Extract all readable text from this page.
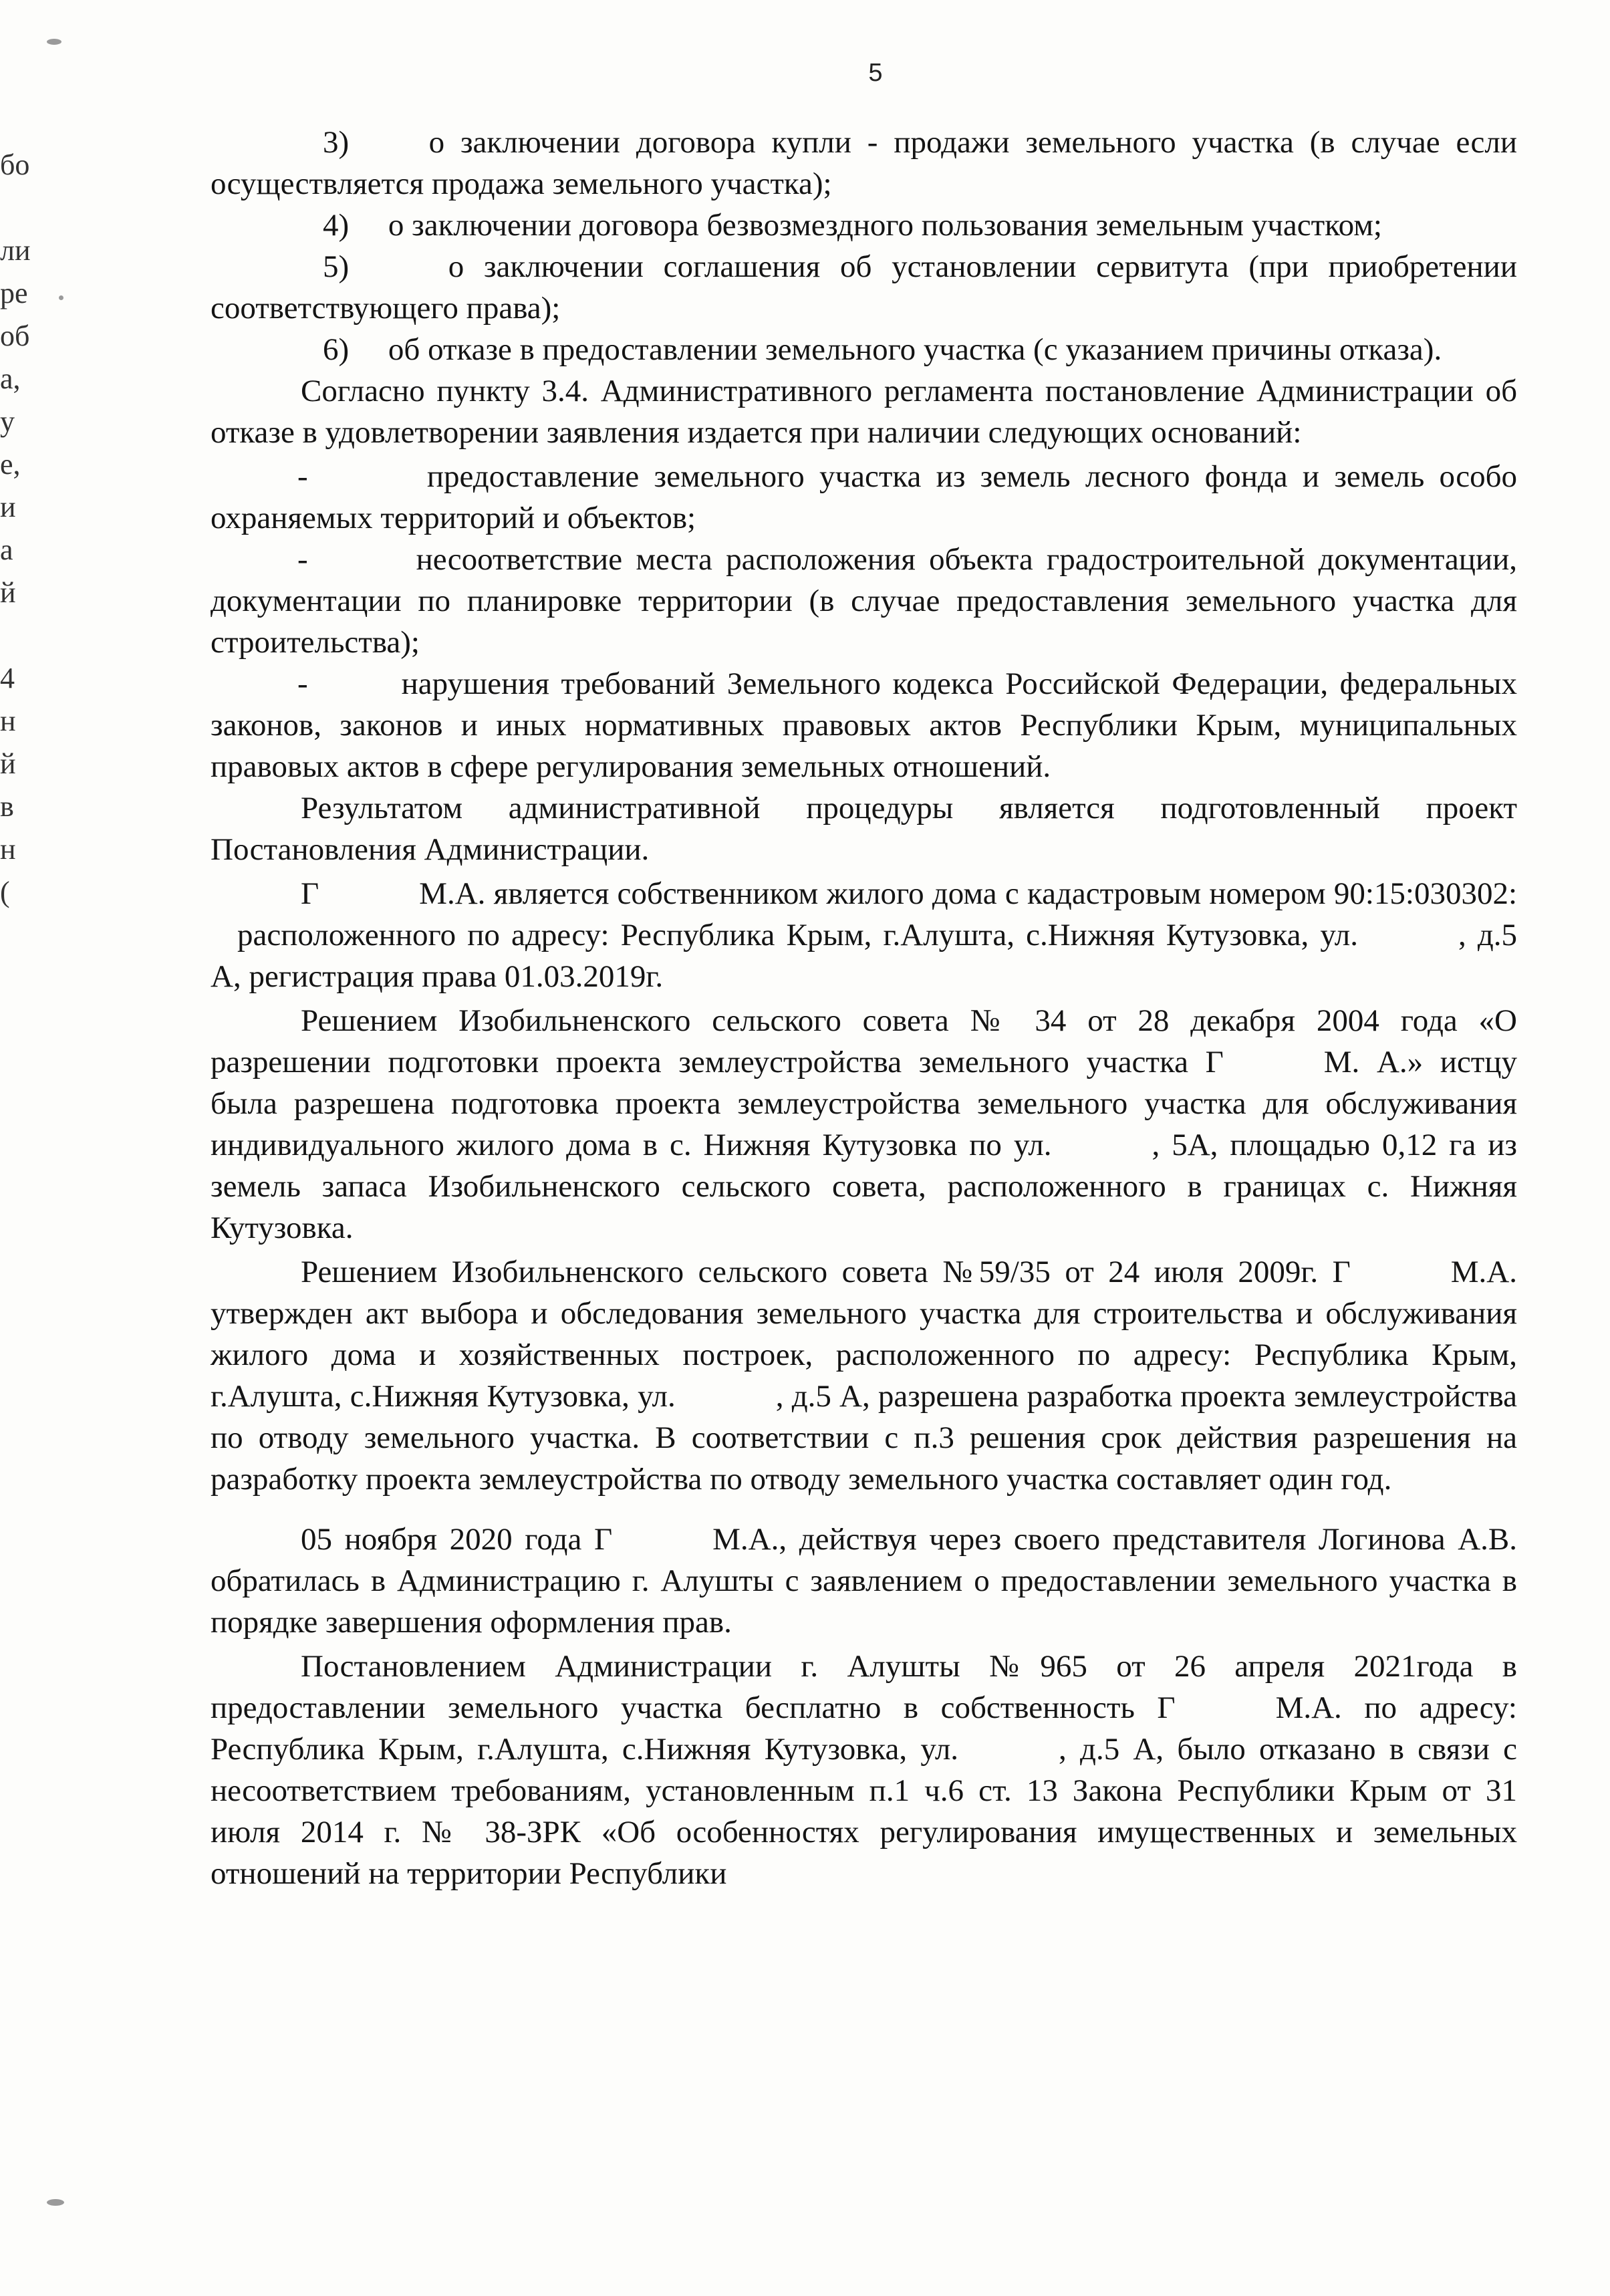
5
бо
ли
ре
об
а,
у
е,
и
а
й
4
н
й
в
н
(

3)	о заключении договора купли - продажи земельного участка (в случае если осуществляется продажа земельного участка);

4) о заключении договора безвозмездного пользования земельным участком;

5)	о заключении соглашения об установлении сервитута (при приобретении соответствующего права);

6) об отказе в предоставлении земельного участка (с указанием причины отказа).

Согласно пункту 3.4. Административного регламента постановление Администрации об отказе в удовлетворении заявления издается при наличии следующих оснований:

-	предоставление земельного участка из земель лесного фонда и земель особо охраняемых территорий и объектов;

-	несоответствие места расположения объекта градостроительной документации, документации по планировке территории (в случае предоставления земельного участка для строительства);

-	нарушения требований Земельного кодекса Российской Федерации, федеральных законов, законов и иных нормативных правовых актов Республики Крым, муниципальных правовых актов в сфере регулирования земельных отношений.

Результатом административной процедуры является подготовленный проект Постановления Администрации.

Г	М.А. является собственником жилого дома с кадастровым номером 90:15:030302:расположенного по адресу: Республика Крым, г.Алушта, с.Нижняя Кутузовка, ул.	, д.5 А, регистрация права 01.03.2019г.

Решением Изобильненского сельского совета № 34 от 28 декабря 2004 года «О разрешении подготовки проекта землеустройства земельного участка Г	М. А.» истцу была разрешена подготовка проекта землеустройства земельного участка для обслуживания индивидуального жилого дома в с. Нижняя Кутузовка по ул.	, 5А, площадью 0,12 га из земель запаса Изобильненского сельского совета, расположенного в границах с. Нижняя Кутузовка.

Решением Изобильненского сельского совета №59/35 от 24 июля 2009г. Г	М.А. утвержден акт выбора и обследования земельного участка для строительства и обслуживания жилого дома и хозяйственных построек, расположенного по адресу: Республика Крым, г.Алушта, с.Нижняя Кутузовка, ул.	, д.5 А, разрешена разработка проекта землеустройства по отводу земельного участка. В соответствии с п.3 решения срок действия разрешения на разработку проекта землеустройства по отводу земельного участка составляет один год.

05 ноября 2020 года Г	М.А., действуя через своего представителя Логинова А.В. обратилась в Администрацию г. Алушты с заявлением о предоставлении земельного участка в порядке завершения оформления прав.

Постановлением Администрации г. Алушты №965 от 26 апреля 2021года в предоставлении земельного участка бесплатно в собственность Г	М.А. по адресу: Республика Крым, г.Алушта, с.Нижняя Кутузовка, ул.	, д.5 А, было отказано в связи с несоответствием требованиям, установленным п.1 ч.6 ст. 13 Закона Республики Крым от 31 июля 2014 г. № 38-ЗРК «Об особенностях регулирования имущественных и земельных отношений на территории Республики
